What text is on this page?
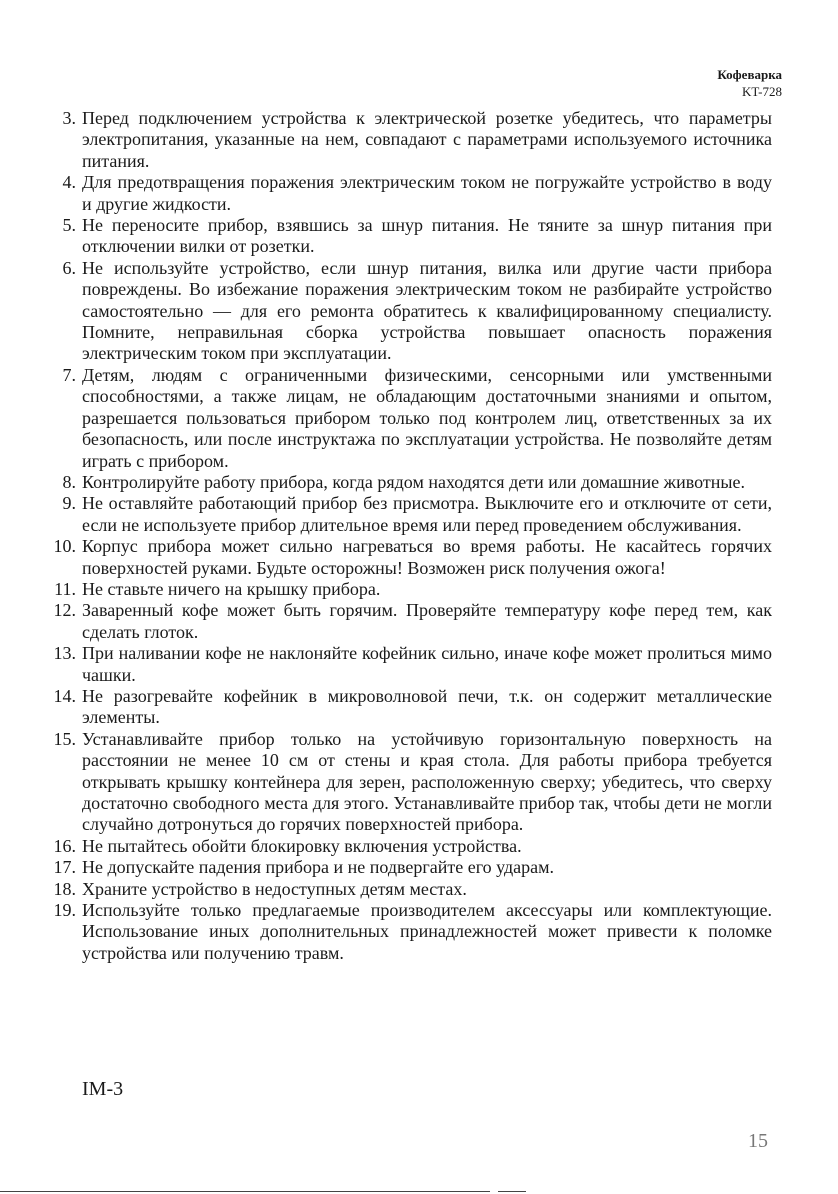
Кофеварка
KT-728
3. Перед подключением устройства к электрической розетке убедитесь, что параметры электропитания, указанные на нем, совпадают с параметрами используемого источника питания.
4. Для предотвращения поражения электрическим током не погружайте устройство в воду и другие жидкости.
5. Не переносите прибор, взявшись за шнур питания. Не тяните за шнур питания при отключении вилки от розетки.
6. Не используйте устройство, если шнур питания, вилка или другие части прибора повреждены. Во избежание поражения электрическим током не разбирайте устройство самостоятельно — для его ремонта обратитесь к квалифицированному специалисту. Помните, неправильная сборка устройства повышает опасность поражения электрическим током при эксплуатации.
7. Детям, людям с ограниченными физическими, сенсорными или умственными способностями, а также лицам, не обладающим достаточными знаниями и опытом, разрешается пользоваться прибором только под контролем лиц, ответственных за их безопасность, или после инструктажа по эксплуатации устройства. Не позволяйте детям играть с прибором.
8. Контролируйте работу прибора, когда рядом находятся дети или домашние животные.
9. Не оставляйте работающий прибор без присмотра. Выключите его и отключите от сети, если не используете прибор длительное время или перед проведением обслуживания.
10. Корпус прибора может сильно нагреваться во время работы. Не касайтесь горячих поверхностей руками. Будьте осторожны! Возможен риск получения ожога!
11. Не ставьте ничего на крышку прибора.
12. Заваренный кофе может быть горячим. Проверяйте температуру кофе перед тем, как сделать глоток.
13. При наливании кофе не наклоняйте кофейник сильно, иначе кофе может пролиться мимо чашки.
14. Не разогревайте кофейник в микроволновой печи, т.к. он содержит металлические элементы.
15. Устанавливайте прибор только на устойчивую горизонтальную поверхность на расстоянии не менее 10 см от стены и края стола. Для работы прибора требуется открывать крышку контейнера для зерен, расположенную сверху; убедитесь, что сверху достаточно свободного места для этого. Устанавливайте прибор так, чтобы дети не могли случайно дотронуться до горячих поверхностей прибора.
16. Не пытайтесь обойти блокировку включения устройства.
17. Не допускайте падения прибора и не подвергайте его ударам.
18. Храните устройство в недоступных детям местах.
19. Используйте только предлагаемые производителем аксессуары или комплектующие. Использование иных дополнительных принадлежностей может привести к поломке устройства или получению травм.
IM-3
15
